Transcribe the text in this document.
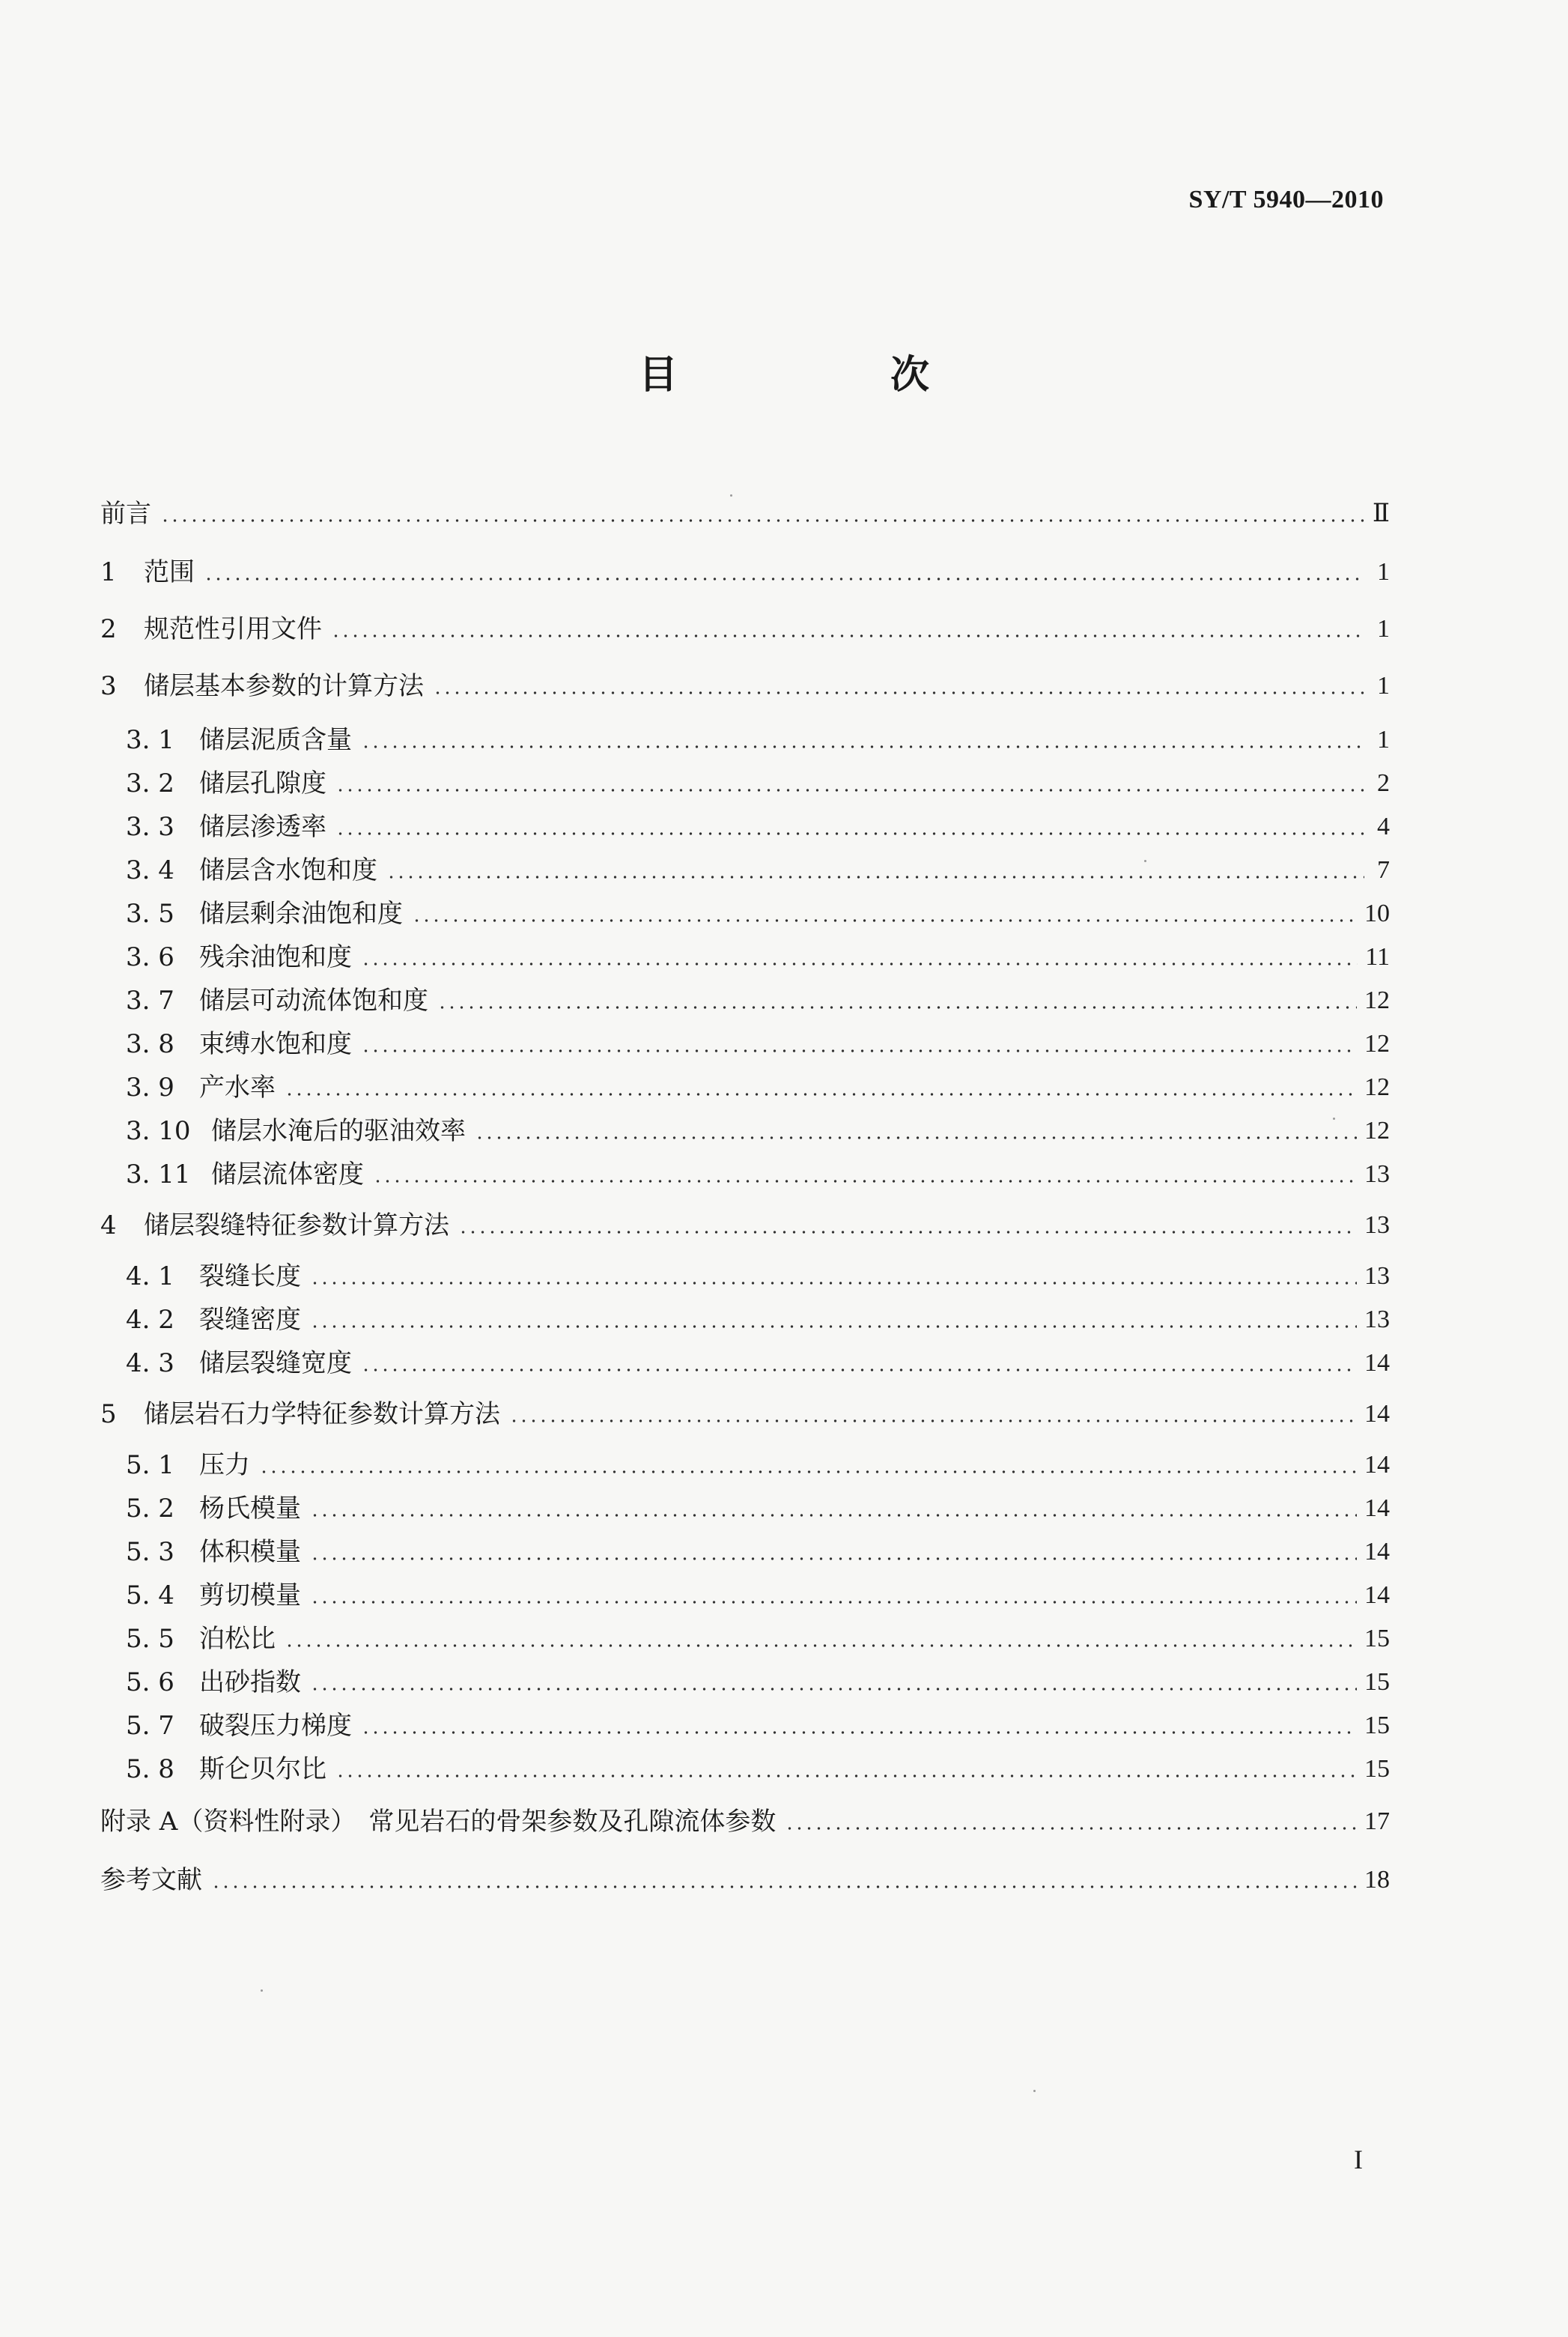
SY/T 5940—2010
目　次
前言	Ⅱ
1	范围	1
2	规范性引用文件	1
3	储层基本参数的计算方法	1
3. 1 储层泥质含量	1
3. 2 储层孔隙度	2
3. 3 储层渗透率	4
3. 4 储层含水饱和度	7
3. 5 储层剩余油饱和度	10
3. 6 残余油饱和度	11
3. 7 储层可动流体饱和度	12
3. 8 束缚水饱和度	12
3. 9 产水率	12
3. 10 储层水淹后的驱油效率	12
3. 11 储层流体密度	13
4	储层裂缝特征参数计算方法	13
4. 1 裂缝长度	13
4. 2 裂缝密度	13
4. 3 储层裂缝宽度	14
5	储层岩石力学特征参数计算方法	14
5. 1 压力	14
5. 2 杨氏模量	14
5. 3 体积模量	14
5. 4 剪切模量	14
5. 5 泊松比	15
5. 6 出砂指数	15
5. 7 破裂压力梯度	15
5. 8 斯仑贝尔比	15
附录 A（资料性附录）　常见岩石的骨架参数及孔隙流体参数	17
参考文献	18
I
